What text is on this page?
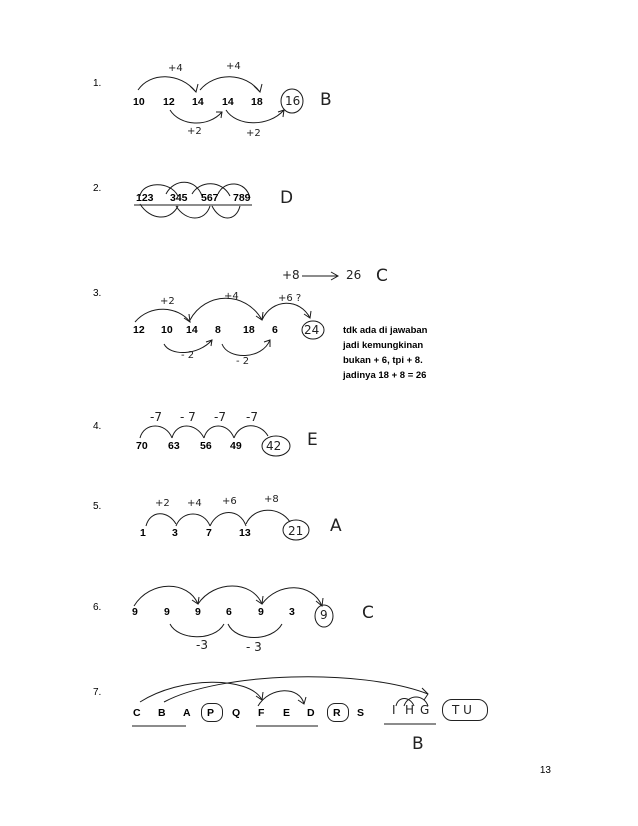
1.
2.
3.
4.
5.
6.
7.
10 12 14 14 18
+4	+4
+2	+2
16 B
123 345 567 789 D
12 10 14 8 18 6
+2	+4	+6 ?
- 2
- 2
24
+8	26 C
tdk ada di jawaban
jadi kemungkinan
bukan + 6, tpi + 8.
jadinya 18 + 8 = 26
70 63 56 49
-7 - 7 -7 -7
42 E
1 3	7	13
+2 +4 +6	+8
21 A
9 9 9 6 9 3
-3	- 3
9 C
C B A P Q F E D R S I H G T U
B
13
